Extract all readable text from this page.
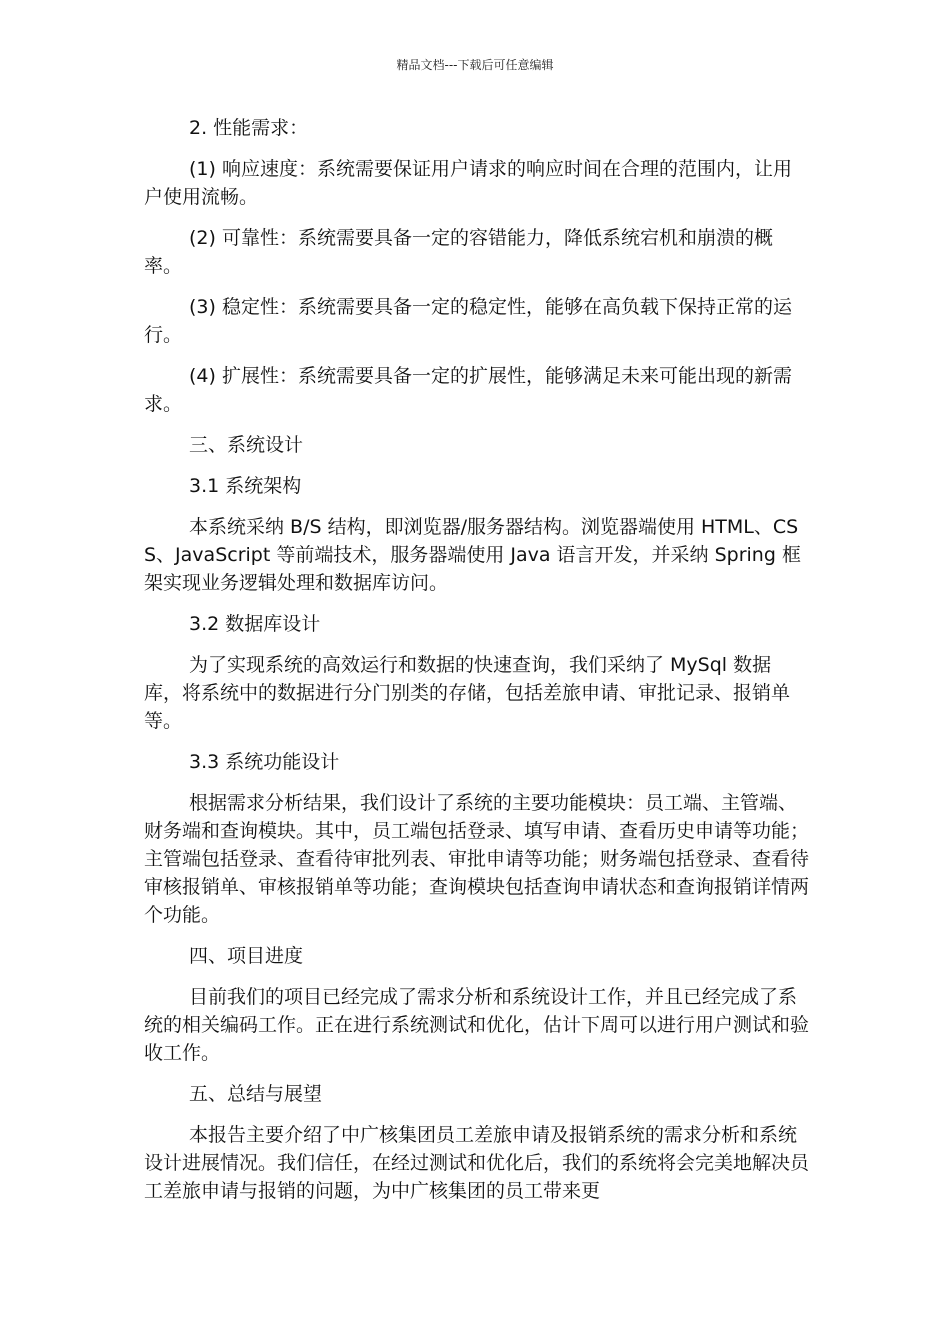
精品文档---下载后可任意编辑
2. 性能需求：
(1) 响应速度：系统需要保证用户请求的响应时间在合理的范围内，让用户使用流畅。
(2) 可靠性：系统需要具备一定的容错能力，降低系统宕机和崩溃的概率。
(3) 稳定性：系统需要具备一定的稳定性，能够在高负载下保持正常的运行。
(4) 扩展性：系统需要具备一定的扩展性，能够满足未来可能出现的新需求。
三、系统设计
3.1 系统架构
本系统采纳 B/S 结构，即浏览器/服务器结构。浏览器端使用 HTML、CSS、JavaScript 等前端技术，服务器端使用 Java 语言开发，并采纳 Spring 框架实现业务逻辑处理和数据库访问。
3.2 数据库设计
为了实现系统的高效运行和数据的快速查询，我们采纳了 MySql 数据库，将系统中的数据进行分门别类的存储，包括差旅申请、审批记录、报销单等。
3.3 系统功能设计
根据需求分析结果，我们设计了系统的主要功能模块：员工端、主管端、财务端和查询模块。其中，员工端包括登录、填写申请、查看历史申请等功能；主管端包括登录、查看待审批列表、审批申请等功能；财务端包括登录、查看待审核报销单、审核报销单等功能；查询模块包括查询申请状态和查询报销详情两个功能。
四、项目进度
目前我们的项目已经完成了需求分析和系统设计工作，并且已经完成了系统的相关编码工作。正在进行系统测试和优化，估计下周可以进行用户测试和验收工作。
五、总结与展望
本报告主要介绍了中广核集团员工差旅申请及报销系统的需求分析和系统设计进展情况。我们信任，在经过测试和优化后，我们的系统将会完美地解决员工差旅申请与报销的问题，为中广核集团的员工带来更
